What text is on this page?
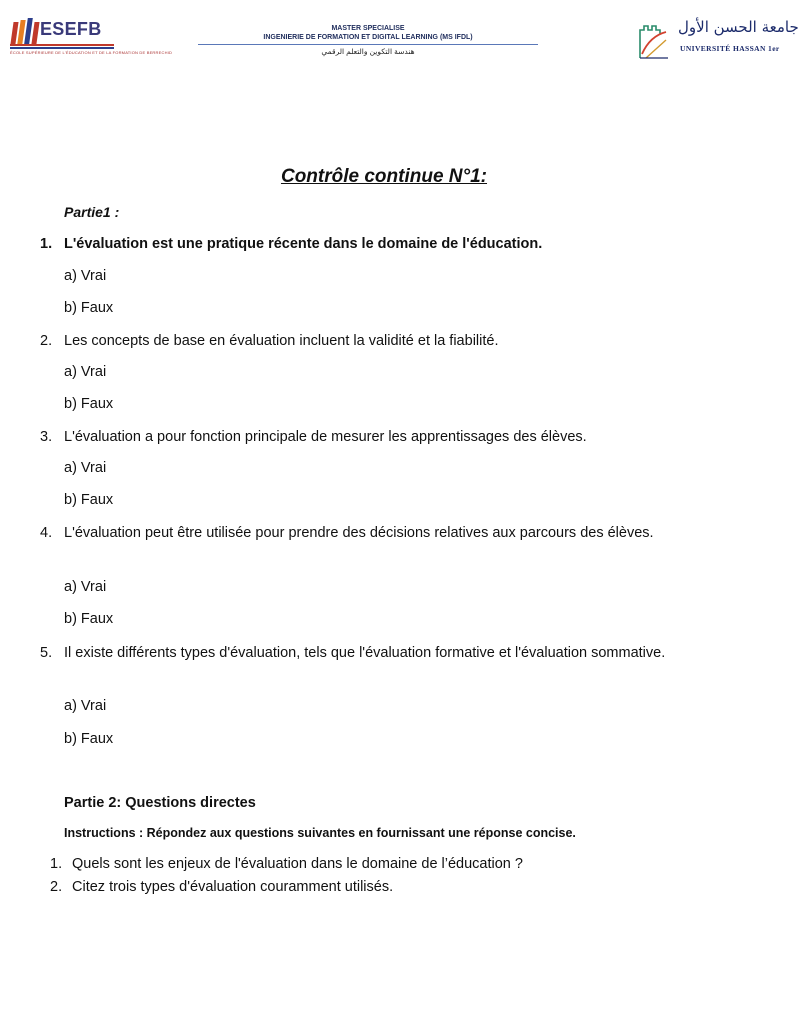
ESEFB
ÉCOLE SUPÉRIEURE DE L'ÉDUCATION ET DE LA FORMATION DE BERRECHID
MASTER SPECIALISE
INGENIERIE DE FORMATION ET DIGITAL LEARNING (MS IFDL)
هندسة التكوين والتعلم الرقمي
جامعة الحسن الأول
UNIVERSITÉ HASSAN 1er
Contrôle continue N°1:
Partie1 :
1. L'évaluation est une pratique récente dans le domaine de l'éducation.
a) Vrai
b) Faux
2. Les concepts de base en évaluation incluent la validité et la fiabilité.
a) Vrai
b) Faux
3. L'évaluation a pour fonction principale de mesurer les apprentissages des élèves.
a) Vrai
b) Faux
4. L'évaluation peut être utilisée pour prendre des décisions relatives aux parcours des élèves.
a) Vrai
b) Faux
5. Il existe différents types d'évaluation, tels que l'évaluation formative et l'évaluation sommative.
a) Vrai
b) Faux
Partie 2: Questions directes
Instructions : Répondez aux questions suivantes en fournissant une réponse concise.
1. Quels sont les enjeux de l'évaluation dans le domaine de l’éducation ?
2. Citez trois types d'évaluation couramment utilisés.
